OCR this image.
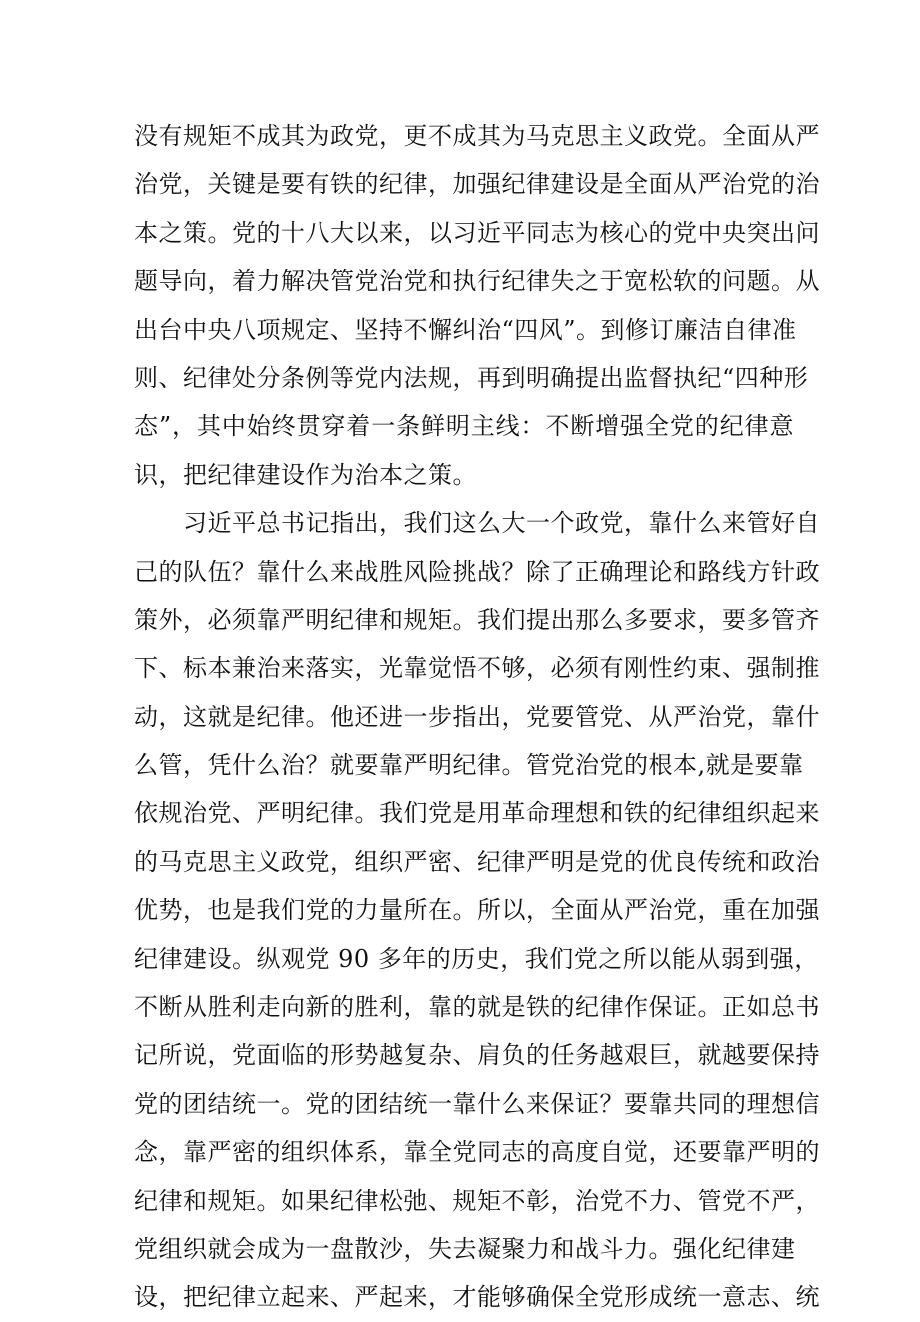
没有规矩不成其为政党，更不成其为马克思主义政党。全面从严
治党，关键是要有铁的纪律，加强纪律建设是全面从严治党的治
本之策。党的十八大以来，以习近平同志为核心的党中央突出问
题导向，着力解决管党治党和执行纪律失之于宽松软的问题。从
出台中央八项规定、坚持不懈纠治“四风”。到修订廉洁自律准
则、纪律处分条例等党内法规，再到明确提出监督执纪“四种形
态”，其中始终贯穿着一条鲜明主线：不断增强全党的纪律意
识，把纪律建设作为治本之策。
　　习近平总书记指出，我们这么大一个政党，靠什么来管好自
己的队伍？靠什么来战胜风险挑战？除了正确理论和路线方针政
策外，必须靠严明纪律和规矩。我们提出那么多要求，要多管齐
下、标本兼治来落实，光靠觉悟不够，必须有刚性约束、强制推
动，这就是纪律。他还进一步指出，党要管党、从严治党，靠什
么管，凭什么治？就要靠严明纪律。管党治党的根本,就是要靠
依规治党、严明纪律。我们党是用革命理想和铁的纪律组织起来
的马克思主义政党，组织严密、纪律严明是党的优良传统和政治
优势，也是我们党的力量所在。所以，全面从严治党，重在加强
纪律建设。纵观党 90 多年的历史，我们党之所以能从弱到强，
不断从胜利走向新的胜利，靠的就是铁的纪律作保证。正如总书
记所说，党面临的形势越复杂、肩负的任务越艰巨，就越要保持
党的团结统一。党的团结统一靠什么来保证？要靠共同的理想信
念，靠严密的组织体系，靠全党同志的高度自觉，还要靠严明的
纪律和规矩。如果纪律松弛、规矩不彰，治党不力、管党不严，
党组织就会成为一盘散沙，失去凝聚力和战斗力。强化纪律建
设，把纪律立起来、严起来，才能够确保全党形成统一意志、统
